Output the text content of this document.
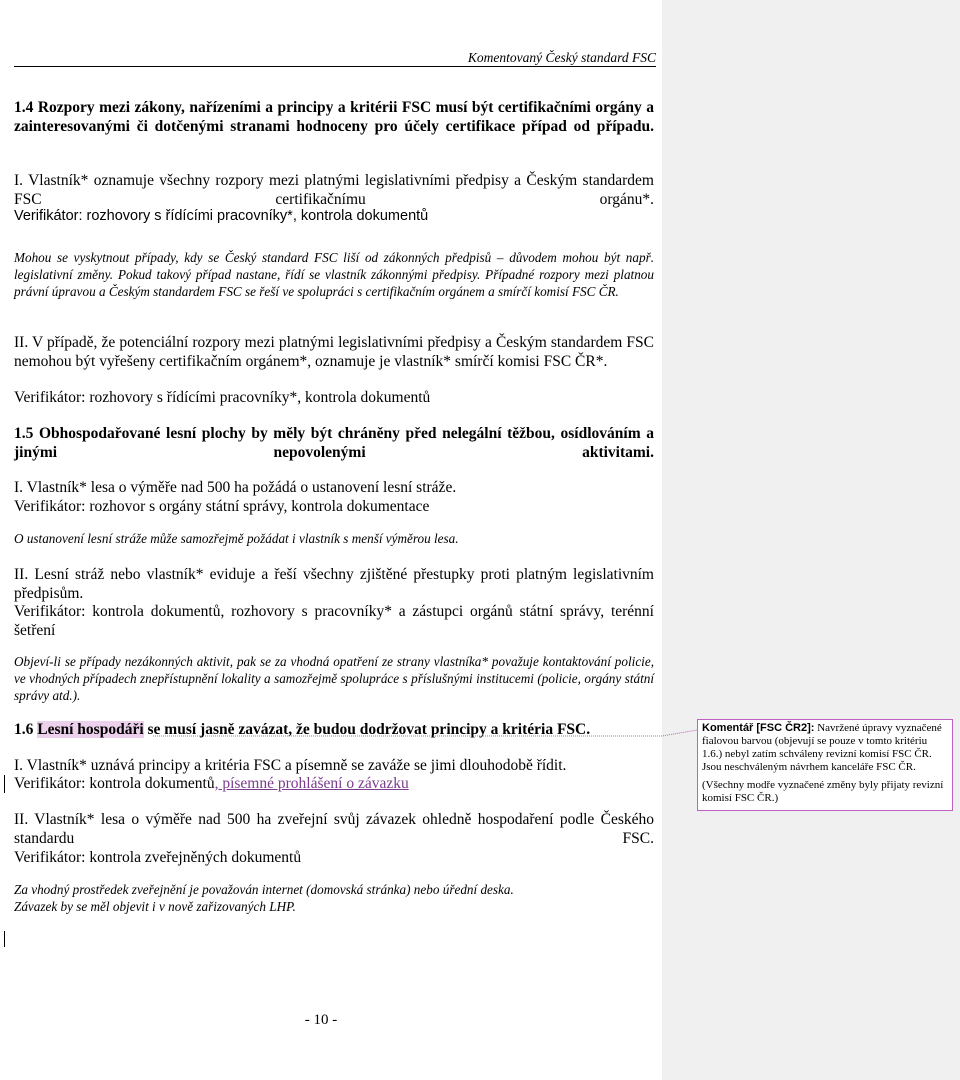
Komentovaný Český standard FSC
1.4 Rozpory mezi zákony, nařízeními a principy a kritérii FSC musí být certifikačními orgány a zainteresovanými či dotčenými stranami hodnoceny pro účely certifikace případ od případu.
I. Vlastník* oznamuje všechny rozpory mezi platnými legislativními předpisy a Českým standardem FSC certifikačnímu orgánu*.
Verifikátor: rozhovory s řídícími pracovníky*, kontrola dokumentů
Mohou se vyskytnout případy, kdy se Český standard FSC liší od zákonných předpisů – důvodem mohou být např. legislativní změny. Pokud takový případ nastane, řídí se vlastník zákonnými předpisy. Případné rozpory mezi platnou právní úpravou a Českým standardem FSC se řeší ve spolupráci s certifikačním orgánem a smírčí komisí FSC ČR.
II. V případě, že potenciální rozpory mezi platnými legislativními předpisy a Českým standardem FSC nemohou být vyřešeny certifikačním orgánem*, oznamuje je vlastník* smírčí komisi FSC ČR*.
Verifikátor: rozhovory s řídícími pracovníky*, kontrola dokumentů
1.5 Obhospodařované lesní plochy by měly být chráněny před nelegální těžbou, osídlováním a jinými nepovolenými aktivitami.
I. Vlastník* lesa o výměře nad 500 ha požádá o ustanovení lesní stráže.
Verifikátor: rozhovor s orgány státní správy, kontrola dokumentace
O ustanovení lesní stráže může samozřejmě požádat i vlastník s menší výměrou lesa.
II. Lesní stráž nebo vlastník* eviduje a řeší všechny zjištěné přestupky proti platným legislativním předpisům.
Verifikátor: kontrola dokumentů, rozhovory s pracovníky* a zástupci orgánů státní správy, terénní šetření
Objeví-li se případy nezákonných aktivit, pak se za vhodná opatření ze strany vlastníka* považuje kontaktování policie, ve vhodných případech znepřístupnění lokality a samozřejmě spolupráce s příslušnými institucemi (policie, orgány státní správy atd.).
1.6 Lesní hospodáři se musí jasně zavázat, že budou dodržovat principy a kritéria FSC.
I. Vlastník* uznává principy a kritéria FSC a písemně se zaváže se jimi dlouhodobě řídit.
Verifikátor: kontrola dokumentů, písemné prohlášení o závazku
II. Vlastník* lesa o výměře nad 500 ha zveřejní svůj závazek ohledně hospodaření podle Českého standardu FSC.
Verifikátor: kontrola zveřejněných dokumentů
Za vhodný prostředek zveřejnění je považován internet (domovská stránka) nebo úřední deska.
Závazek by se měl objevit i v nově zařizovaných LHP.
- 10 -

Komentář [FSC ČR2]: Navržené úpravy vyznačené fialovou barvou (objevují se pouze v tomto kritériu 1.6.) nebyl zatím schváleny revizní komisí FSC ČR. Jsou neschváleným návrhem kanceláře FSC ČR.

(Všechny modře vyznačené změny byly přijaty revizní komisí FSC ČR.)
